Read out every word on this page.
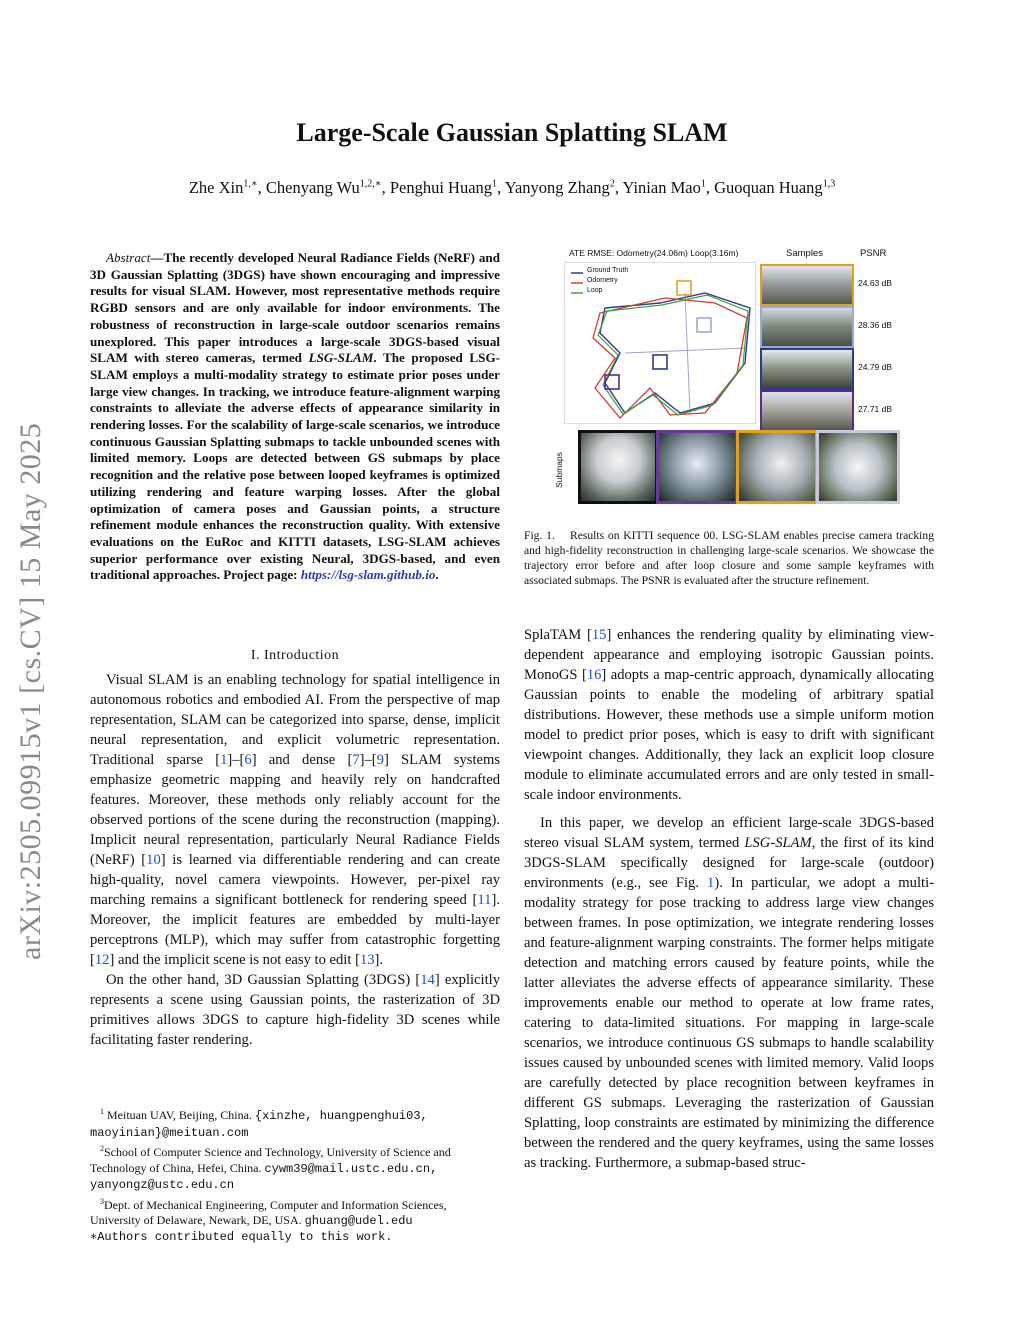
arXiv:2505.09915v1 [cs.CV] 15 May 2025
Large-Scale Gaussian Splatting SLAM
Zhe Xin$^{1,∗}$, Chenyang $Wu^{1,2,∗}$, Penghui Huang$^1$, Yanyong Zhang$^2$, Yinian Mao$^1$, Guoquan Huang$^{1,3}$
Abstract—The recently developed Neural Radiance Fields (NeRF) and 3D Gaussian Splatting (3DGS) have shown encouraging and impressive results for visual SLAM. However, most representative methods require RGBD sensors and are only available for indoor environments. The robustness of reconstruction in large-scale outdoor scenarios remains unexplored. This paper introduces a large-scale 3DGS-based visual SLAM with stereo cameras, termed LSG-SLAM. The proposed LSG-SLAM employs a multi-modality strategy to estimate prior poses under large view changes. In tracking, we introduce feature-alignment warping constraints to alleviate the adverse effects of appearance similarity in rendering losses. For the scalability of large-scale scenarios, we introduce continuous Gaussian Splatting submaps to tackle unbounded scenes with limited memory. Loops are detected between GS submaps by place recognition and the relative pose between looped keyframes is optimized utilizing rendering and feature warping losses. After the global optimization of camera poses and Gaussian points, a structure refinement module enhances the reconstruction quality. With extensive evaluations on the EuRoc and KITTI datasets, LSG-SLAM achieves superior performance over existing Neural, 3DGS-based, and even traditional approaches. Project page: https://lsg-slam.github.io.
I. Introduction

Visual SLAM is an enabling technology for spatial intelligence in autonomous robotics and embodied AI. From the perspective of map representation, SLAM can be categorized into sparse, dense, implicit neural representation, and explicit volumetric representation. Traditional sparse [1]–[6] and dense [7]–[9] SLAM systems emphasize geometric mapping and heavily rely on handcrafted features. Moreover, these methods only reliably account for the observed portions of the scene during the reconstruction (mapping). Implicit neural representation, particularly Neural Radiance Fields (NeRF) [10] is learned via differentiable rendering and can create high-quality, novel camera viewpoints. However, per-pixel ray marching remains a significant bottleneck for rendering speed [11]. Moreover, the implicit features are embedded by multi-layer perceptrons (MLP), which may suffer from catastrophic forgetting [12] and the implicit scene is not easy to edit [13].

On the other hand, 3D Gaussian Splatting (3DGS) [14] explicitly represents a scene using Gaussian points, the rasterization of 3D primitives allows 3DGS to capture high-fidelity 3D scenes while facilitating faster rendering.

$^1$ Meituan UAV, Beijing, China. {xinzhe, huangpenghui03, maoyinian}@meituan.com

$^2$School of Computer Science and Technology, University of Science and Technology of China, Hefei, China. cywm39@mail.ustc.edu.cn, yanyongz@ustc.edu.cn

$^3$Dept. of Mechanical Engineering, Computer and Information Sciences, University of Delaware, Newark, DE, USA. ghuang@udel.edu

∗Authors contributed equally to this work.

ATE RMSE: Odometry(24.06m) Loop(3.16m)	Samples	PSNR
Ground Truth
Odometry
Loop
24.63 dB
28.36 dB
24.79 dB
27.71 dB
Submaps
Fig. 1. Results on KITTI sequence 00. LSG-SLAM enables precise camera tracking and high-fidelity reconstruction in challenging large-scale scenarios. We showcase the trajectory error before and after loop closure and some sample keyframes with associated submaps. The PSNR is evaluated after the structure refinement.

SplaTAM [15] enhances the rendering quality by eliminating view-dependent appearance and employing isotropic Gaussian points. MonoGS [16] adopts a map-centric approach, dynamically allocating Gaussian points to enable the modeling of arbitrary spatial distributions. However, these methods use a simple uniform motion model to predict prior poses, which is easy to drift with significant viewpoint changes. Additionally, they lack an explicit loop closure module to eliminate accumulated errors and are only tested in small-scale indoor environments.

In this paper, we develop an efficient large-scale 3DGS-based stereo visual SLAM system, termed LSG-SLAM, the first of its kind 3DGS-SLAM specifically designed for large-scale (outdoor) environments (e.g., see Fig. 1). In particular, we adopt a multi-modality strategy for pose tracking to address large view changes between frames. In pose optimization, we integrate rendering losses and feature-alignment warping constraints. The former helps mitigate detection and matching errors caused by feature points, while the latter alleviates the adverse effects of appearance similarity. These improvements enable our method to operate at low frame rates, catering to data-limited situations. For mapping in large-scale scenarios, we introduce continuous GS submaps to handle scalability issues caused by unbounded scenes with limited memory. Valid loops are carefully detected by place recognition between keyframes in different GS submaps. Leveraging the rasterization of Gaussian Splatting, loop constraints are estimated by minimizing the difference between the rendered and the query keyframes, using the same losses as tracking. Furthermore, a submap-based struc-
